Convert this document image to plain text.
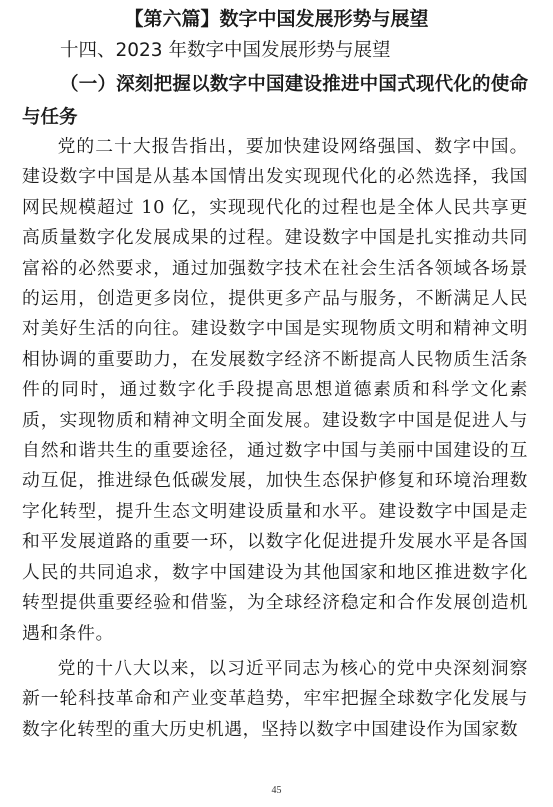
【第六篇】数字中国发展形势与展望
十四、2023 年数字中国发展形势与展望
（一）深刻把握以数字中国建设推进中国式现代化的使命与任务

党的二十大报告指出，要加快建设网络强国、数字中国。建设数字中国是从基本国情出发实现现代化的必然选择，我国网民规模超过 10 亿，实现现代化的过程也是全体人民共享更高质量数字化发展成果的过程。建设数字中国是扎实推动共同富裕的必然要求，通过加强数字技术在社会生活各领域各场景的运用，创造更多岗位，提供更多产品与服务，不断满足人民对美好生活的向往。建设数字中国是实现物质文明和精神文明相协调的重要助力，在发展数字经济不断提高人民物质生活条件的同时，通过数字化手段提高思想道德素质和科学文化素质，实现物质和精神文明全面发展。建设数字中国是促进人与自然和谐共生的重要途径，通过数字中国与美丽中国建设的互动互促，推进绿色低碳发展，加快生态保护修复和环境治理数字化转型，提升生态文明建设质量和水平。建设数字中国是走和平发展道路的重要一环，以数字化促进提升发展水平是各国人民的共同追求，数字中国建设为其他国家和地区推进数字化转型提供重要经验和借鉴，为全球经济稳定和合作发展创造机遇和条件。

党的十八大以来，以习近平同志为核心的党中央深刻洞察新一轮科技革命和产业变革趋势，牢牢把握全球数字化发展与数字化转型的重大历史机遇，坚持以数字中国建设作为国家数

45
